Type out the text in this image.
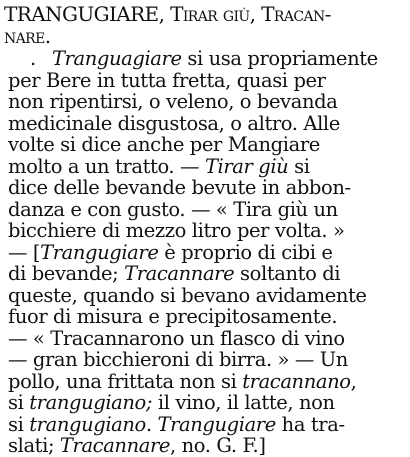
TRANGUGIARE, Tirar giù, Tracan-
nare.
. Tranguagiare si usa propriamente
per Bere in tutta fretta, quasi per
non ripentirsi, o veleno, o bevanda
medicinale disgustosa, o altro. Alle
volte si dice anche per Mangiare
molto a un tratto. — Tirar giù si
dice delle bevande bevute in abbon-
danza e con gusto. — « Tira giù un
bicchiere di mezzo litro per volta. »
— [Trangugiare è proprio di cibi e
di bevande; Tracannare soltanto di
queste, quando si bevano avidamente
fuor di misura e precipitosamente.
— « Tracannarono un flasco di vino
— gran bicchieroni di birra. » — Un
pollo, una frittata non si tracannano,
si trangugiano; il vino, il latte, non
si trangugiano. Trangugiare ha tra-
slati; Tracannare, no. G. F.]
